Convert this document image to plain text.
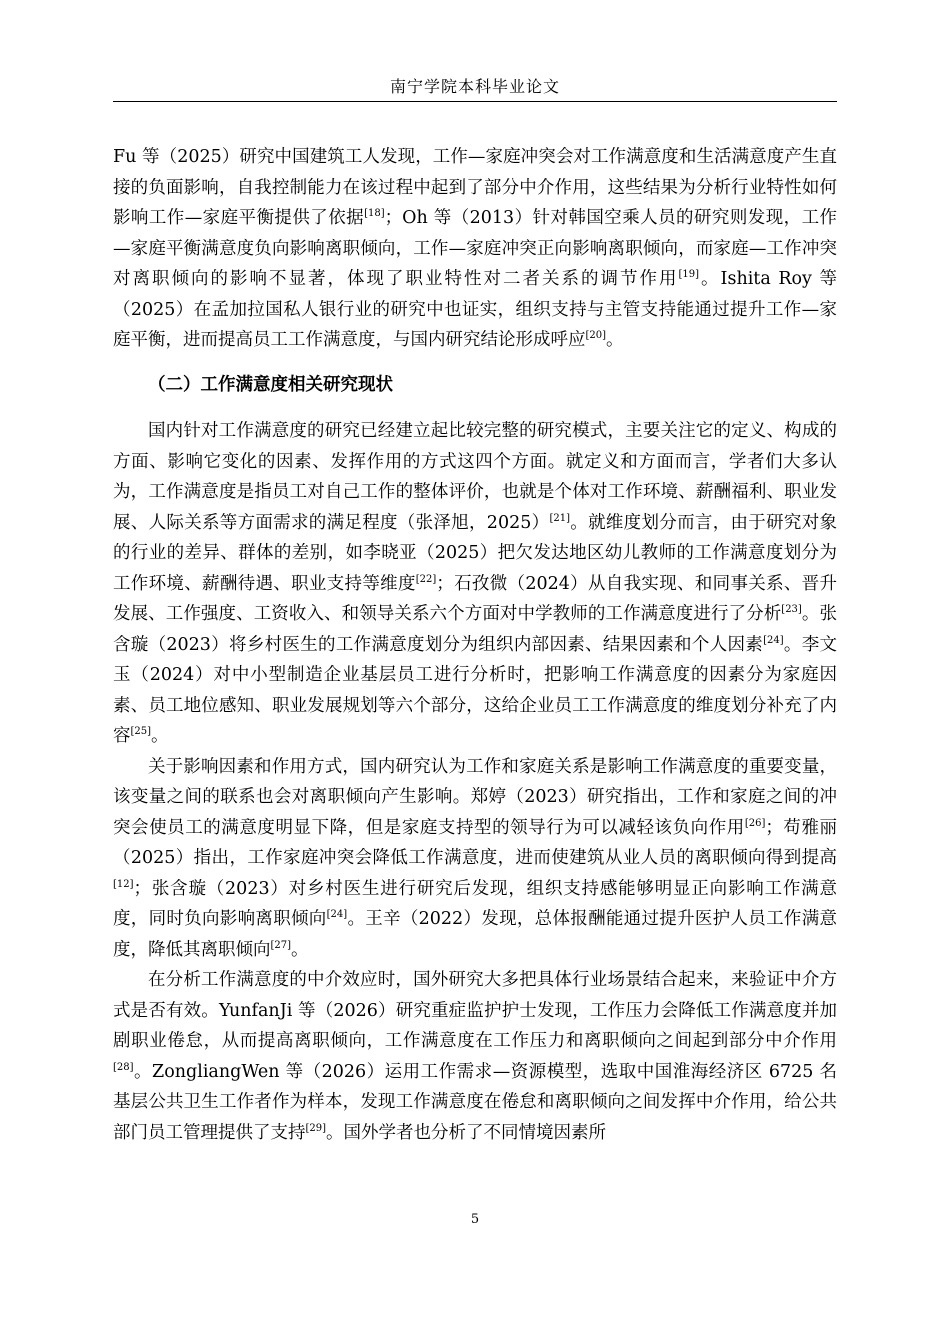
南宁学院本科毕业论文

Fu 等（2025）研究中国建筑工人发现，工作—家庭冲突会对工作满意度和生活满意度产生直接的负面影响，自我控制能力在该过程中起到了部分中介作用，这些结果为分析行业特性如何影响工作—家庭平衡提供了依据[18]；Oh 等（2013）针对韩国空乘人员的研究则发现，工作—家庭平衡满意度负向影响离职倾向，工作—家庭冲突正向影响离职倾向，而家庭—工作冲突对离职倾向的影响不显著，体现了职业特性对二者关系的调节作用[19]。Ishita Roy 等（2025）在孟加拉国私人银行业的研究中也证实，组织支持与主管支持能通过提升工作—家庭平衡，进而提高员工工作满意度，与国内研究结论形成呼应[20]。

（二）工作满意度相关研究现状

国内针对工作满意度的研究已经建立起比较完整的研究模式，主要关注它的定义、构成的方面、影响它变化的因素、发挥作用的方式这四个方面。就定义和方面而言，学者们大多认为，工作满意度是指员工对自己工作的整体评价，也就是个体对工作环境、薪酬福利、职业发展、人际关系等方面需求的满足程度（张泽旭，2025）[21]。就维度划分而言，由于研究对象的行业的差异、群体的差别，如李晓亚（2025）把欠发达地区幼儿教师的工作满意度划分为工作环境、薪酬待遇、职业支持等维度[22]；石孜微（2024）从自我实现、和同事关系、晋升发展、工作强度、工资收入、和领导关系六个方面对中学教师的工作满意度进行了分析[23]。张含璇（2023）将乡村医生的工作满意度划分为组织内部因素、结果因素和个人因素[24]。李文玉（2024）对中小型制造企业基层员工进行分析时，把影响工作满意度的因素分为家庭因素、员工地位感知、职业发展规划等六个部分，这给企业员工工作满意度的维度划分补充了内容[25]。

关于影响因素和作用方式，国内研究认为工作和家庭关系是影响工作满意度的重要变量，该变量之间的联系也会对离职倾向产生影响。郑婷（2023）研究指出，工作和家庭之间的冲突会使员工的满意度明显下降，但是家庭支持型的领导行为可以减轻该负向作用[26]；苟雅丽（2025）指出，工作家庭冲突会降低工作满意度，进而使建筑从业人员的离职倾向得到提高[12]；张含璇（2023）对乡村医生进行研究后发现，组织支持感能够明显正向影响工作满意度，同时负向影响离职倾向[24]。王辛（2022）发现，总体报酬能通过提升医护人员工作满意度，降低其离职倾向[27]。

在分析工作满意度的中介效应时，国外研究大多把具体行业场景结合起来，来验证中介方式是否有效。YunfanJi 等（2026）研究重症监护护士发现，工作压力会降低工作满意度并加剧职业倦怠，从而提高离职倾向，工作满意度在工作压力和离职倾向之间起到部分中介作用[28]。ZongliangWen 等（2026）运用工作需求—资源模型，选取中国淮海经济区 6725 名基层公共卫生工作者作为样本，发现工作满意度在倦怠和离职倾向之间发挥中介作用，给公共部门员工管理提供了支持[29]。国外学者也分析了不同情境因素所

5
